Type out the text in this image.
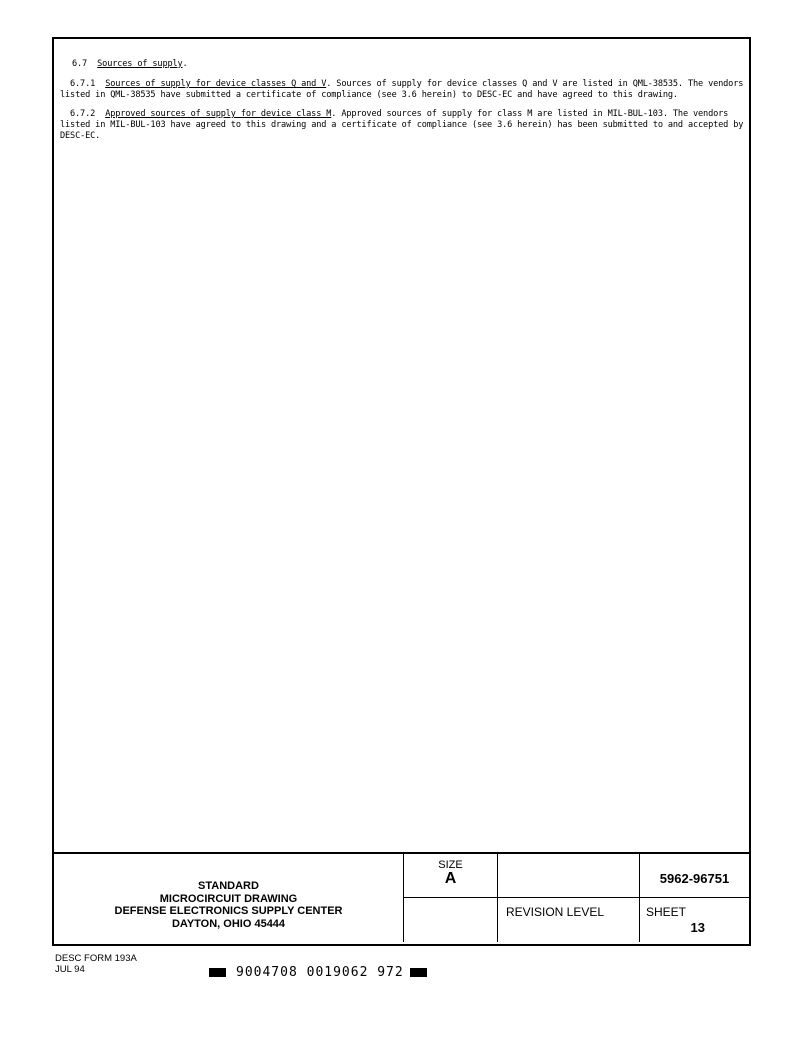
6.7 Sources of supply.

6.7.1 Sources of supply for device classes Q and V. Sources of supply for device classes Q and V are listed in QML-38535. The vendors listed in QML-38535 have submitted a certificate of compliance (see 3.6 herein) to DESC-EC and have agreed to this drawing.

6.7.2 Approved sources of supply for device class M. Approved sources of supply for class M are listed in MIL-BUL-103. The vendors listed in MIL-BUL-103 have agreed to this drawing and a certificate of compliance (see 3.6 herein) has been submitted to and accepted by DESC-EC.

STANDARD
MICROCIRCUIT DRAWING
DEFENSE ELECTRONICS SUPPLY CENTER
DAYTON, OHIO 45444
SIZE
A	5962-96751
REVISION LEVEL	SHEET
13
DESC FORM 193A
JUL 94	9004708 0019062 972
